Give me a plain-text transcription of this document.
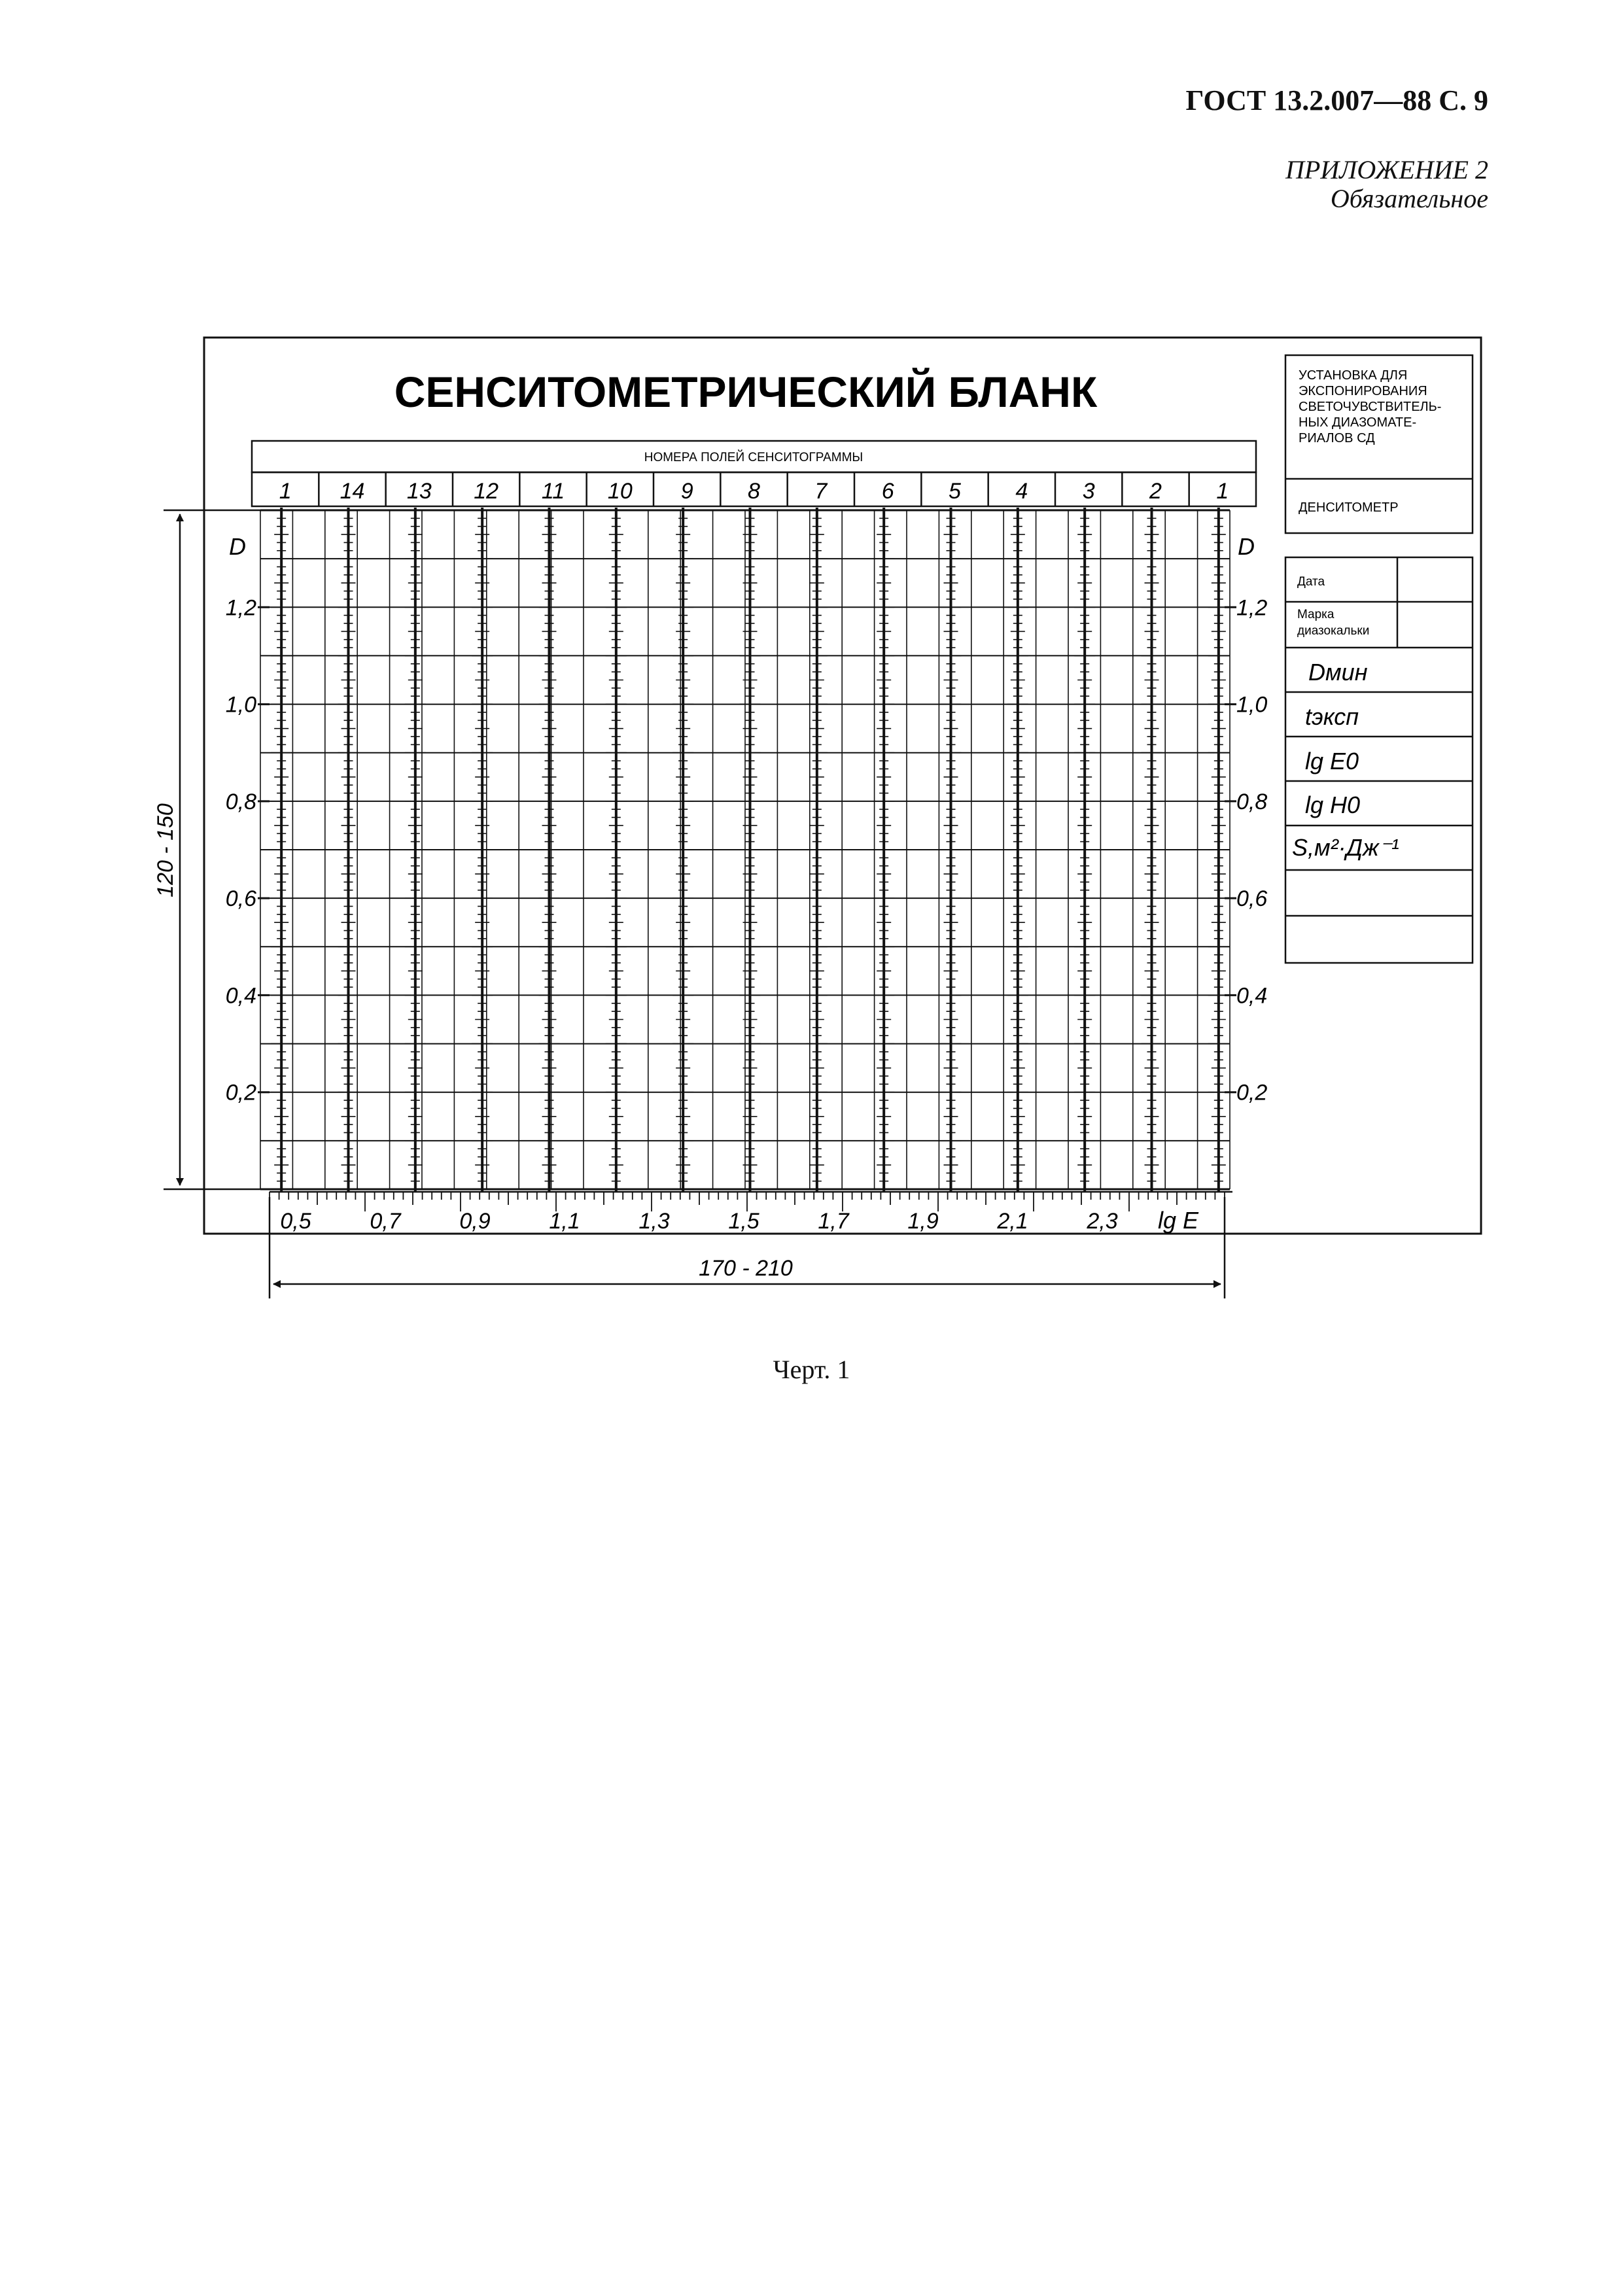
ГОСТ 13.2.007—88 С. 9
ПРИЛОЖЕНИЕ 2
Обязательное
СЕНСИТОМЕТРИЧЕСКИЙ БЛАНК
НОМЕРА ПОЛЕЙ СЕНСИТОГРАММЫ
1 14 13 12 11 10 9 8 7 6 5 4 3 2 1
D	D
1,2
1,0
0,8
0,6
0,4
0,2
1,2
1,0
0,8
0,6
0,4
0,2
0,5	0,7	0,9	1,1	1,3	1,5	1,7	1,9	2,1	2,3 lg E
120 - 150
170 - 210
УСТАНОВКА ДЛЯ
ЭКСПОНИРОВАНИЯ
СВЕТОЧУВСТВИТЕЛЬ-
НЫХ ДИАЗОМАТЕ-
РИАЛОВ СД
ДЕНСИТОМЕТР
Дата
Марка
диазокальки
Dмин
tэксп
lg E0
lg H0
S,м²·Дж⁻¹
Черт. 1
